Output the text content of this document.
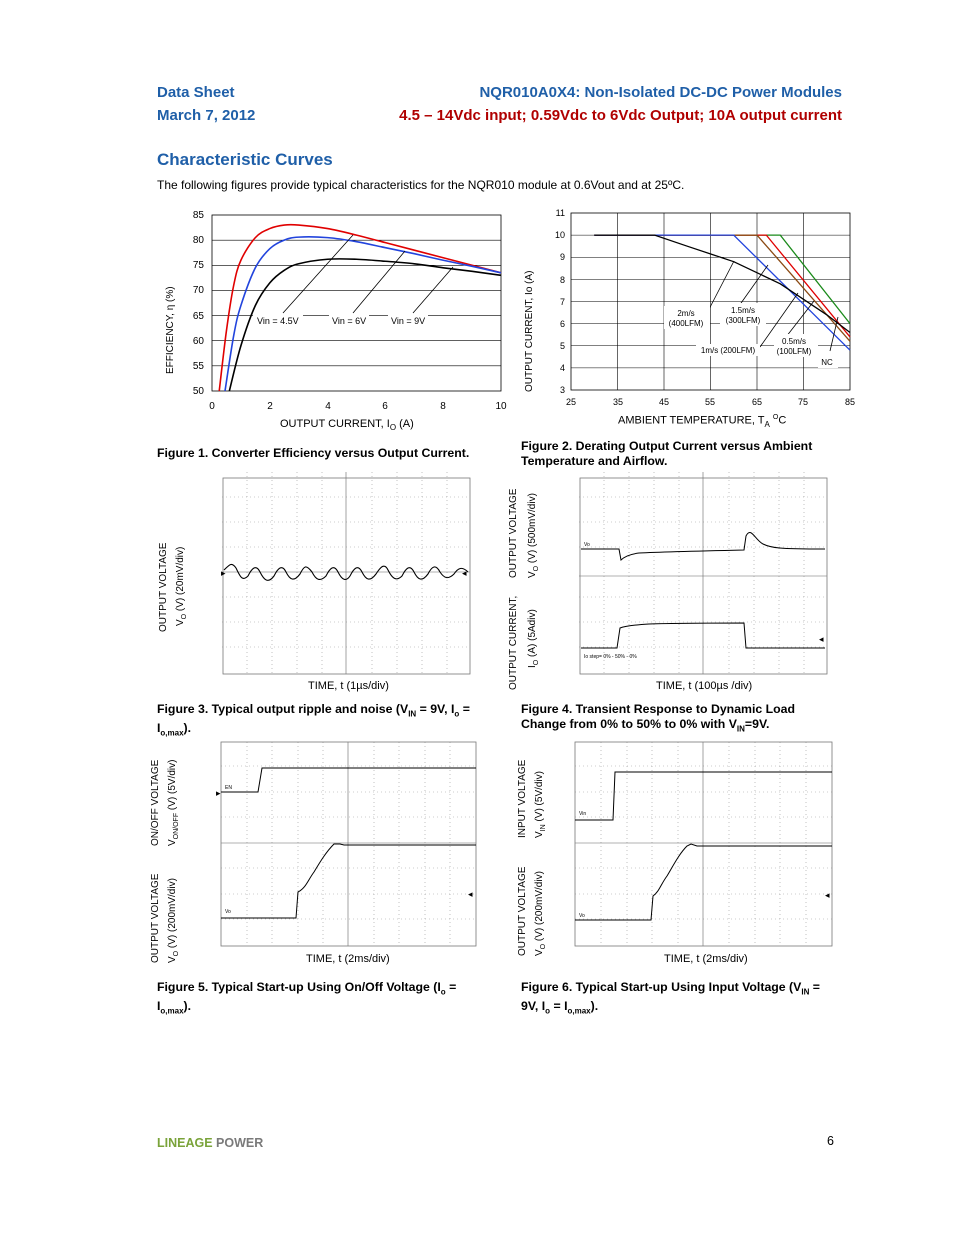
Data Sheet
March 7, 2012
NQR010A0X4: Non-Isolated DC-DC Power Modules
4.5 – 14Vdc input; 0.59Vdc to 6Vdc Output; 10A output current
Characteristic Curves
The following figures provide typical characteristics for the NQR010 module at 0.6Vout and at 25ºC.
EFFICIENCY, η (%)
85
80
75
70
65
60
55
50
0	2	4	6	8	10
Vin = 4.5V	Vin = 6V	Vin = 9V
OUTPUT CURRENT, $I_O$ (A)
Figure 1. Converter Efficiency versus Output Current.
OUTPUT CURRENT, Io (A)
11
10
9
8
7
6
5
4
3
25	35	45	55	65	75	85
2m/s
(400LFM)
1.5m/s
(300LFM)
0.5m/s
(100LFM)
1m/s (200LFM)
NC
AMBIENT TEMPERATURE, $T_A$ $^O$C
Figure 2. Derating Output Current versus Ambient
Temperature and Airflow.
OUTPUT VOLTAGE $V_O$ (V) (20mV/div)	▸	◂
TIME, t (1µs/div)
Figure 3. Typical output ripple and noise ($V_{IN} = 9V$, $I_o$ =
$I_{o,max}$).
OUTPUT VOLTAGE $V_O$ (V) (500mV/div)
OUTPUT CURRENT, $I_O$ (A) (5Adiv)
Vo
Io step= 0% - 50% - 0%
◂
TIME, t (100µs /div)
Figure 4. Transient Response to Dynamic Load
Change from 0% to 50% to 0% with $V_{IN}=9V$.
ON/OFF VOLTAGE $V_{ON/OFF}$ (V) (5V/div)
OUTPUT VOLTAGE $V_O$ (V) (200mV/div)
EN
Vo
▸
◂
TIME, t (2ms/div)
Figure 5. Typical Start-up Using On/Off Voltage ($I_o$ =
$I_{o,max}$).
INPUT VOLTAGE $V_{IN}$ (V) (5V/div)
OUTPUT VOLTAGE $V_O$ (V) (200mV/div)
Vin
Vo
◂
TIME, t (2ms/div)
Figure 6. Typical Start-up Using Input Voltage ($V_{IN}$ =
9V, $I_o = I_{o,max}$).
LINEAGE POWER	6
